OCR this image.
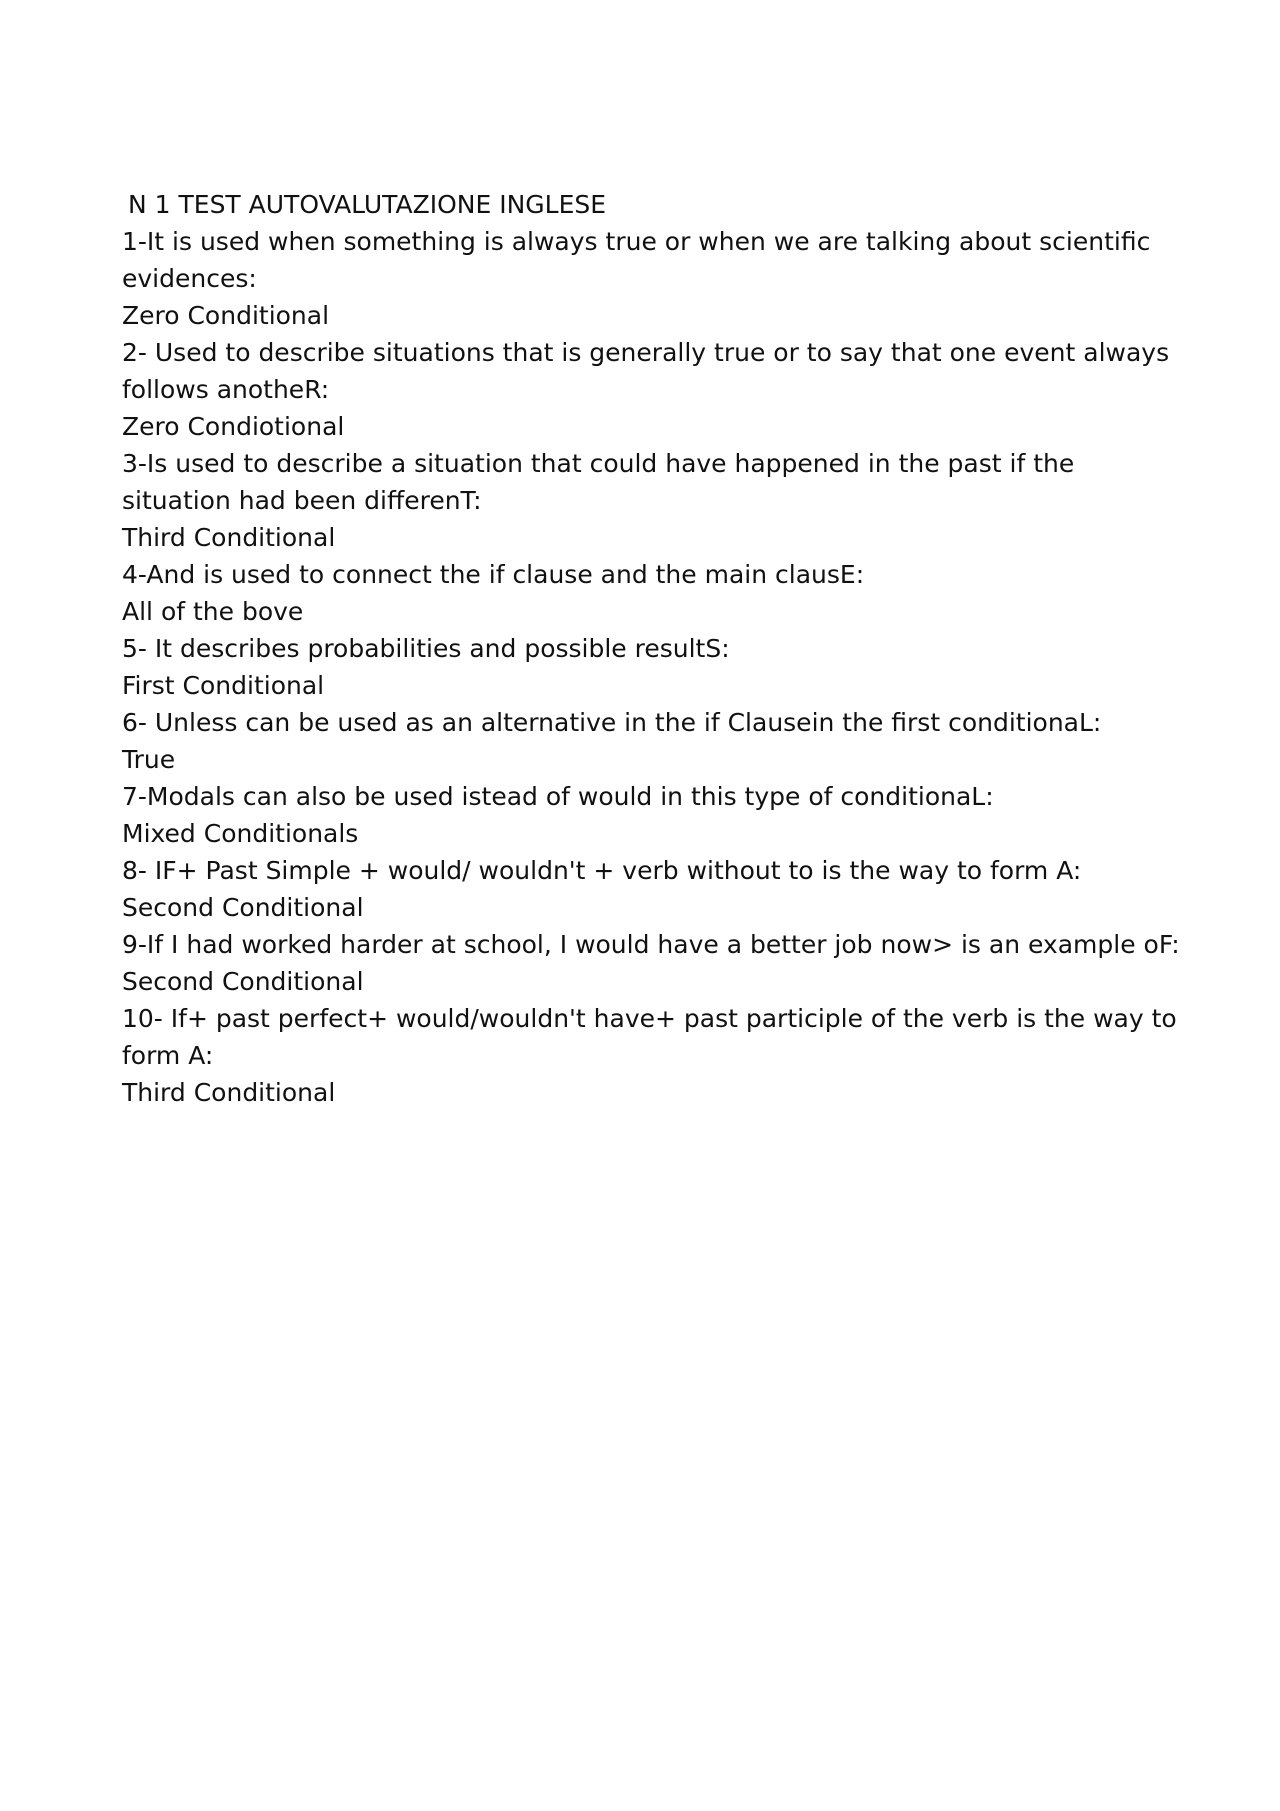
N 1 TEST AUTOVALUTAZIONE INGLESE
1-It is used when something is always true or when we are talking about scientific evidences:
Zero Conditional
2- Used to describe situations that is generally true or to say that one event always follows anotheR:
Zero Condiotional
3-Is used to describe a situation that could have happened in the past if the situation had been differenT:
Third Conditional
4-And is used to connect the if clause and the main clausE:
All of the bove
5- It describes probabilities and possible resultS:
First Conditional
6- Unless can be used as an alternative in the if Clausein the first conditionaL:
True
7-Modals can also be used istead of would in this type of conditionaL:
Mixed Conditionals
8- IF+ Past Simple + would/ wouldn't + verb without to is the way to form A:
Second Conditional
9-If I had worked harder at school, I would have a better job now> is an example oF:
Second Conditional
10- If+ past perfect+ would/wouldn't have+ past participle of the verb is the way to form A:
Third Conditional
